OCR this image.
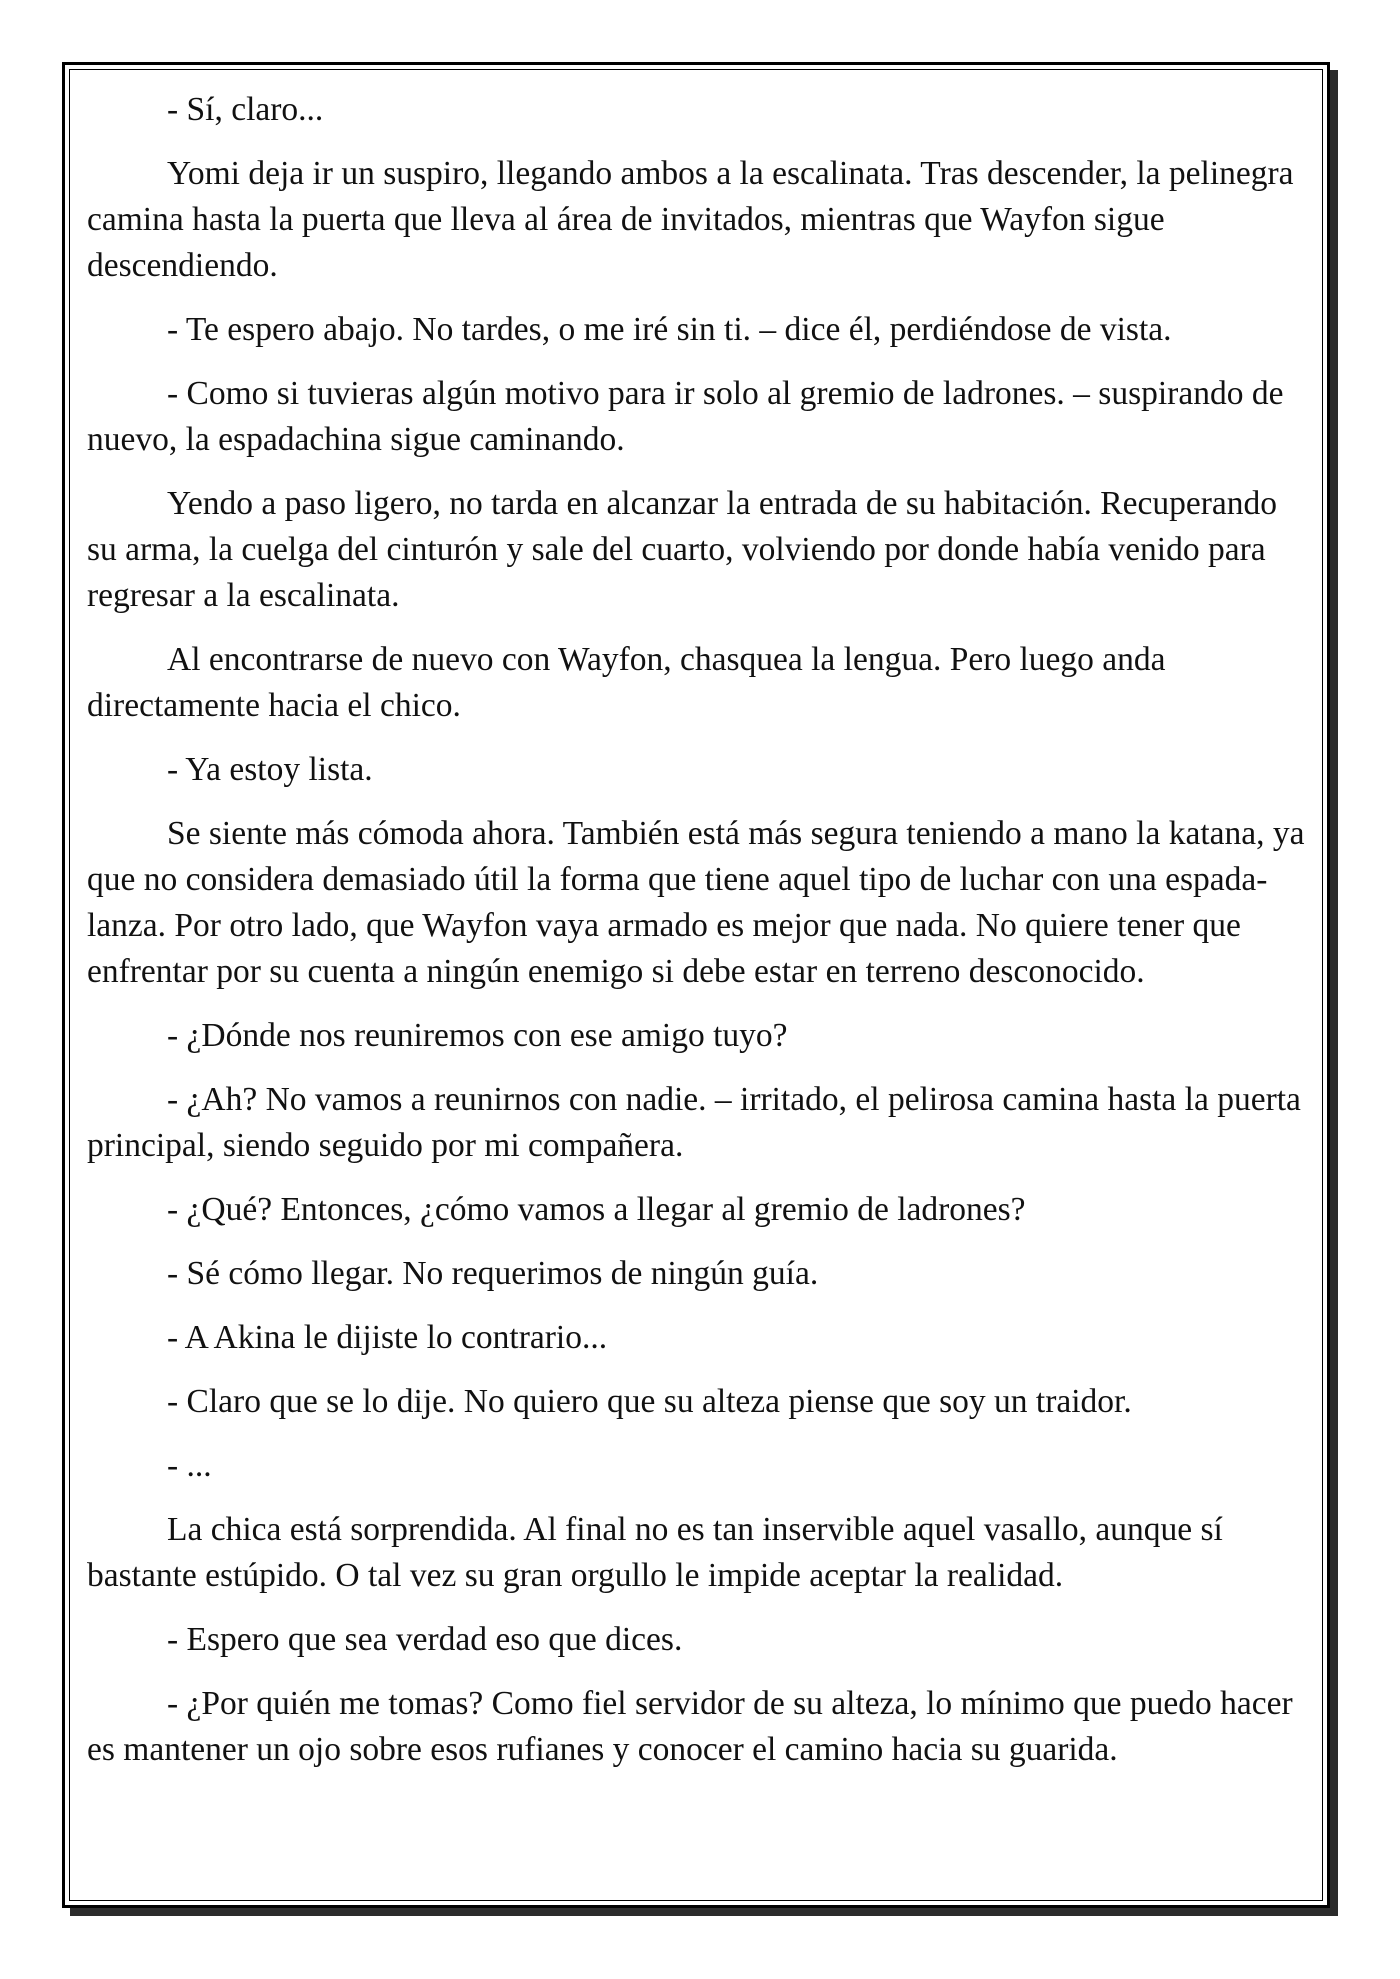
- Sí, claro...

Yomi deja ir un suspiro, llegando ambos a la escalinata. Tras descender, la pelinegra camina hasta la puerta que lleva al área de invitados, mientras que Wayfon sigue descendiendo.

- Te espero abajo. No tardes, o me iré sin ti. – dice él, perdiéndose de vista.

- Como si tuvieras algún motivo para ir solo al gremio de ladrones. – suspirando de nuevo, la espadachina sigue caminando.

Yendo a paso ligero, no tarda en alcanzar la entrada de su habitación. Recuperando su arma, la cuelga del cinturón y sale del cuarto, volviendo por donde había venido para regresar a la escalinata.

Al encontrarse de nuevo con Wayfon, chasquea la lengua. Pero luego anda directamente hacia el chico.

- Ya estoy lista.

Se siente más cómoda ahora. También está más segura teniendo a mano la katana, ya que no considera demasiado útil la forma que tiene aquel tipo de luchar con una espada-lanza. Por otro lado, que Wayfon vaya armado es mejor que nada. No quiere tener que enfrentar por su cuenta a ningún enemigo si debe estar en terreno desconocido.

- ¿Dónde nos reuniremos con ese amigo tuyo?

- ¿Ah? No vamos a reunirnos con nadie. – irritado, el pelirosa camina hasta la puerta principal, siendo seguido por mi compañera.

- ¿Qué? Entonces, ¿cómo vamos a llegar al gremio de ladrones?

- Sé cómo llegar. No requerimos de ningún guía.

- A Akina le dijiste lo contrario...

- Claro que se lo dije. No quiero que su alteza piense que soy un traidor.

- ...

La chica está sorprendida. Al final no es tan inservible aquel vasallo, aunque sí bastante estúpido. O tal vez su gran orgullo le impide aceptar la realidad.

- Espero que sea verdad eso que dices.

- ¿Por quién me tomas? Como fiel servidor de su alteza, lo mínimo que puedo hacer es mantener un ojo sobre esos rufianes y conocer el camino hacia su guarida.
